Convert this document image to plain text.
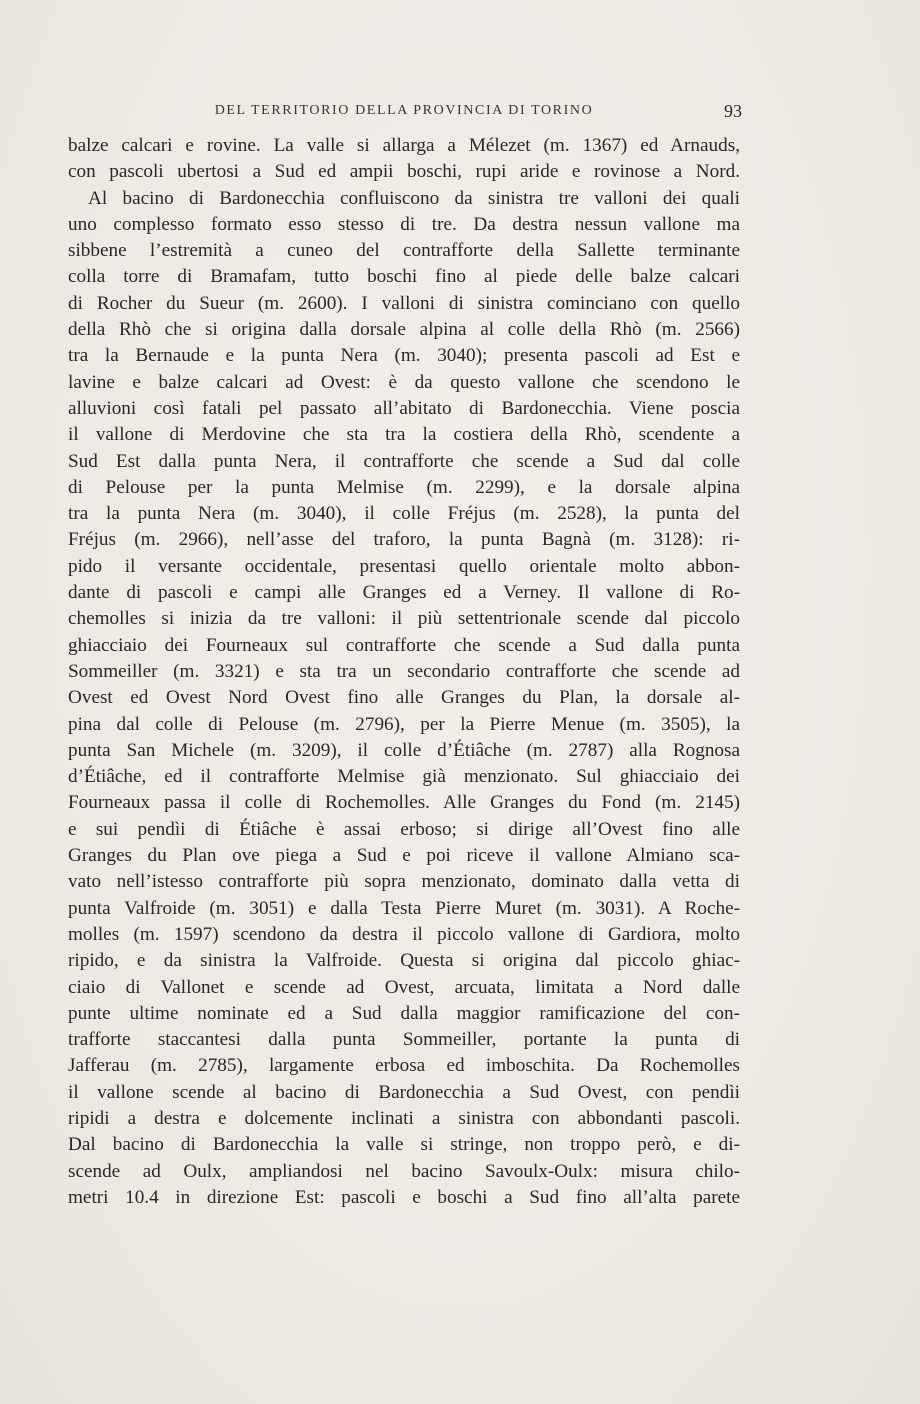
DEL TERRITORIO DELLA PROVINCIA DI TORINO	93
balze calcari e rovine. La valle si allarga a Mélezet (m. 1367) ed Arnauds,
con pascoli ubertosi a Sud ed ampii boschi, rupi aride e rovinose a Nord.
Al bacino di Bardonecchia confluiscono da sinistra tre valloni dei quali
uno complesso formato esso stesso di tre. Da destra nessun vallone ma
sibbene l’estremità a cuneo del contrafforte della Sallette terminante
colla torre di Bramafam, tutto boschi fino al piede delle balze calcari
di Rocher du Sueur (m. 2600). I valloni di sinistra cominciano con quello
della Rhò che si origina dalla dorsale alpina al colle della Rhò (m. 2566)
tra la Bernaude e la punta Nera (m. 3040); presenta pascoli ad Est e
lavine e balze calcari ad Ovest: è da questo vallone che scendono le
alluvioni così fatali pel passato all’abitato di Bardonecchia. Viene poscia
il vallone di Merdovine che sta tra la costiera della Rhò, scendente a
Sud Est dalla punta Nera, il contrafforte che scende a Sud dal colle
di Pelouse per la punta Melmise (m. 2299), e la dorsale alpina
tra la punta Nera (m. 3040), il colle Fréjus (m. 2528), la punta del
Fréjus (m. 2966), nell’asse del traforo, la punta Bagnà (m. 3128): ri-
pido il versante occidentale, presentasi quello orientale molto abbon-
dante di pascoli e campi alle Granges ed a Verney. Il vallone di Ro-
chemolles si inizia da tre valloni: il più settentrionale scende dal piccolo
ghiacciaio dei Fourneaux sul contrafforte che scende a Sud dalla punta
Sommeiller (m. 3321) e sta tra un secondario contrafforte che scende ad
Ovest ed Ovest Nord Ovest fino alle Granges du Plan, la dorsale al-
pina dal colle di Pelouse (m. 2796), per la Pierre Menue (m. 3505), la
punta San Michele (m. 3209), il colle d’Étiâche (m. 2787) alla Rognosa
d’Étiâche, ed il contrafforte Melmise già menzionato. Sul ghiacciaio dei
Fourneaux passa il colle di Rochemolles. Alle Granges du Fond (m. 2145)
e sui pendìi di Étiâche è assai erboso; si dirige all’Ovest fino alle
Granges du Plan ove piega a Sud e poi riceve il vallone Almiano sca-
vato nell’istesso contrafforte più sopra menzionato, dominato dalla vetta di
punta Valfroide (m. 3051) e dalla Testa Pierre Muret (m. 3031). A Roche-
molles (m. 1597) scendono da destra il piccolo vallone di Gardiora, molto
ripido, e da sinistra la Valfroide. Questa si origina dal piccolo ghiac-
ciaio di Vallonet e scende ad Ovest, arcuata, limitata a Nord dalle
punte ultime nominate ed a Sud dalla maggior ramificazione del con-
trafforte staccantesi dalla punta Sommeiller, portante la punta di
Jafferau (m. 2785), largamente erbosa ed imboschita. Da Rochemolles
il vallone scende al bacino di Bardonecchia a Sud Ovest, con pendìi
ripidi a destra e dolcemente inclinati a sinistra con abbondanti pascoli.
Dal bacino di Bardonecchia la valle si stringe, non troppo però, e di-
scende ad Oulx, ampliandosi nel bacino Savoulx-Oulx: misura chilo-
metri 10.4 in direzione Est: pascoli e boschi a Sud fino all’alta parete
